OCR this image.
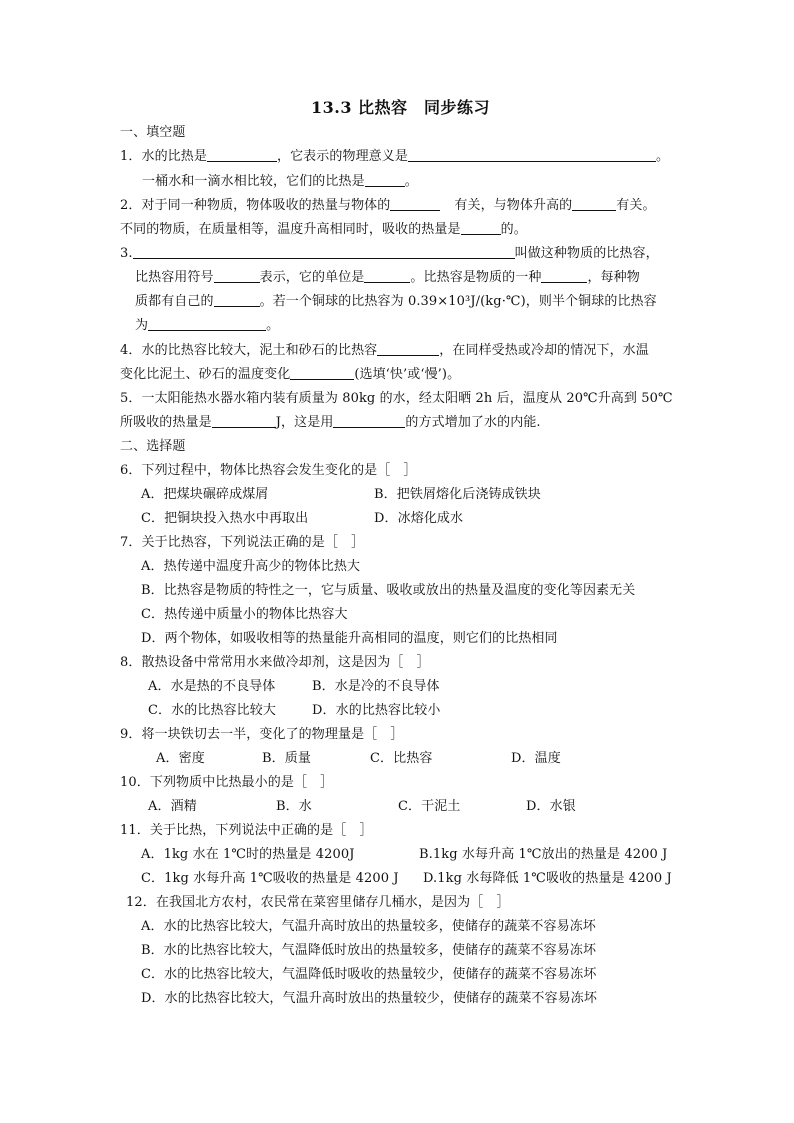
13.3 比热容　同步练习
一、填空题
1．水的比热是	，它表示的物理意义是	。
一桶水和一滴水相比较，它们的比热是	。
2．对于同一种物质，物体吸收的热量与物体的	有关，与物体升高的	有关。
不同的物质，在质量相等，温度升高相同时，吸收的热量是	的。
3.	叫做这种物质的比热容，
比热容用符号	表示，它的单位是	。比热容是物质的一种	，每种物
质都有自己的	。若一个铜球的比热容为 0.39×10³J/(kg·℃)，则半个铜球的比热容
为	。
4．水的比热容比较大，泥土和砂石的比热容	，在同样受热或冷却的情况下，水温
变化比泥土、砂石的温度变化	(选填‘快’或‘慢’)。
5．一太阳能热水器水箱内装有质量为 80kg 的水，经太阳晒 2h 后，温度从 20℃升高到 50℃
所吸收的热量是	J，这是用	的方式增加了水的内能.
二、选择题
6．下列过程中，物体比热容会发生变化的是［　］
A．把煤块碾碎成煤屑	B．把铁屑熔化后浇铸成铁块
C．把铜块投入热水中再取出	D．冰熔化成水
7．关于比热容，下列说法正确的是［　］
A．热传递中温度升高少的物体比热大
B．比热容是物质的特性之一，它与质量、吸收或放出的热量及温度的变化等因素无关
C．热传递中质量小的物体比热容大
D．两个物体，如吸收相等的热量能升高相同的温度，则它们的比热相同
8．散热设备中常常用水来做冷却剂，这是因为［　］
A．水是热的不良导体	B．水是冷的不良导体
C．水的比热容比较大	D．水的比热容比较小
9．将一块铁切去一半，变化了的物理量是［　］
A．密度	B．质量	C．比热容	D．温度
10．下列物质中比热最小的是［　］
A．酒精	B．水	C．干泥土	D．水银
11．关于比热，下列说法中正确的是［　］
A．1kg 水在 1℃时的热量是 4200J	B.1kg 水每升高 1℃放出的热量是 4200 J
C．1kg 水每升高 1℃吸收的热量是 4200 J D.1kg 水每降低 1℃吸收的热量是 4200 J
12．在我国北方农村，农民常在菜窖里储存几桶水，是因为［　］
A．水的比热容比较大，气温升高时放出的热量较多，使储存的蔬菜不容易冻坏
B．水的比热容比较大，气温降低时放出的热量较多，使储存的蔬菜不容易冻坏
C．水的比热容比较大，气温降低时吸收的热量较少，使储存的蔬菜不容易冻坏
D．水的比热容比较大，气温升高时放出的热量较少，使储存的蔬菜不容易冻坏
